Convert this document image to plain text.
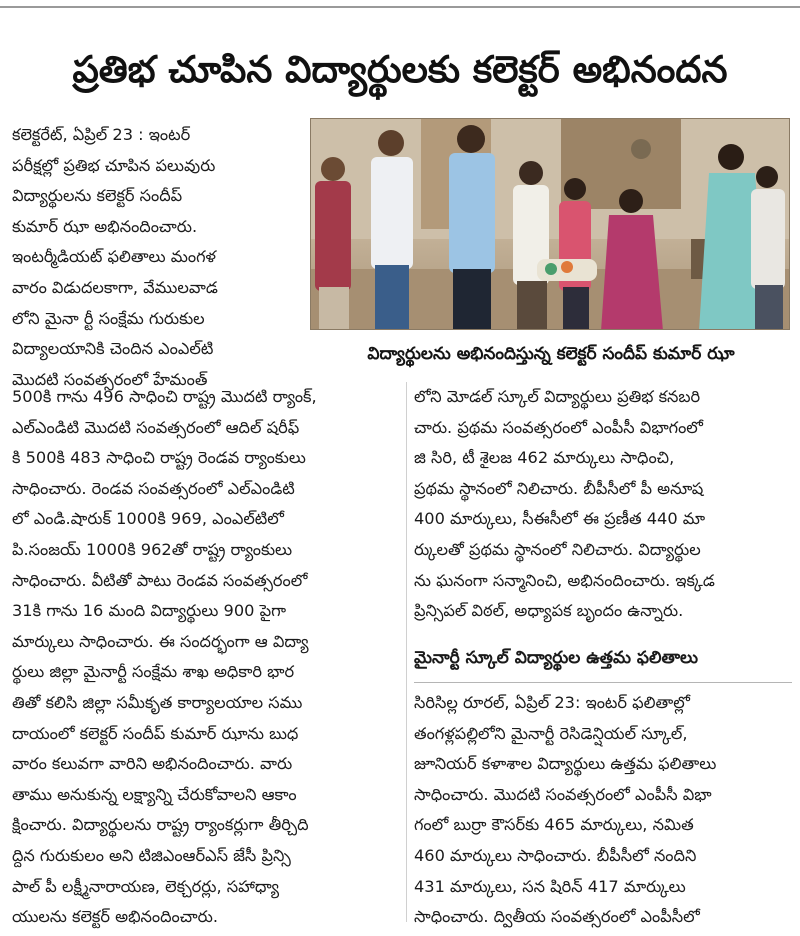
ప్రతిభ చూపిన విద్యార్థులకు కలెక్టర్ అభినందన

కలెక్టరేట్, ఏప్రిల్ 23 : ఇంటర్

పరీక్షల్లో ప్రతిభ చూపిన పలువురు

విద్యార్థులను కలెక్టర్ సందీప్

కుమార్ ఝా అభినందించారు.

ఇంటర్మీడియట్ ఫలితాలు మంగళ

వారం విడుదలకాగా, వేములవాడ

లోని మైనా ర్టీ సంక్షేమ గురుకుల

విద్యాలయానికి చెందిన ఎంఎల్‌టి

మొదటి సంవత్సరంలో హేమంత్

విద్యార్థులను అభినందిస్తున్న కలెక్టర్ సందీప్ కుమార్ ఝా

500కి గాను 496 సాధించి రాష్ట్ర మొదటి ర్యాంక్,

ఎల్ఎండిటి మొదటి సంవత్సరంలో ఆదిల్ షరీఫ్

కి 500కి 483 సాధించి రాష్ట్ర రెండవ ర్యాంకులు

సాధించారు. రెండవ సంవత్సరంలో ఎల్ఎండిటి

లో ఎండి.షారుక్ 1000కి 969, ఎంఎల్‌టిలో

పి.సంజయ్ 1000కి 962తో రాష్ట్ర ర్యాంకులు

సాధించారు. వీటితో పాటు రెండవ సంవత్సరంలో

31కి గాను 16 మంది విద్యార్థులు 900 పైగా

మార్కులు సాధించారు. ఈ సందర్భంగా ఆ విద్యా

ర్థులు జిల్లా మైనార్టీ సంక్షేమ శాఖ అధికారి భార

తితో కలిసి జిల్లా సమీకృత కార్యాలయాల సము

దాయంలో కలెక్టర్ సందీప్ కుమార్ ఝాను బుధ

వారం కలువగా వారిని అభినందించారు. వారు

తాము అనుకున్న లక్ష్యాన్ని చేరుకోవాలని ఆకాం

క్షించారు. విద్యార్థులను రాష్ట్ర ర్యాంకర్లుగా తీర్చిది

ద్దిన గురుకులం అని టిజిఎంఆర్ఎస్ జేసీ ప్రిన్సి

పాల్ పీ లక్ష్మీనారాయణ, లెక్చరర్లు, సహాధ్యా

యులను కలెక్టర్ అభినందించారు.

లోని మోడల్ స్కూల్ విద్యార్థులు ప్రతిభ కనబరి

చారు. ప్రథమ సంవత్సరంలో ఎంపీసీ విభాగంలో

జి సిరి, టీ శైలజ 462 మార్కులు సాధించి,

ప్రథమ స్థానంలో నిలిచారు. బీపీసీలో పీ అనూష

400 మార్కులు, సీఈసీలో ఈ ప్రణీత 440 మా

ర్కులతో ప్రథమ స్థానంలో నిలిచారు. విద్యార్థుల

ను ఘనంగా సన్మానించి, అభినందించారు. ఇక్కడ

ప్రిన్సిపల్ విఠల్, అధ్యాపక బృందం ఉన్నారు.

మైనార్టీ స్కూల్ విద్యార్థుల ఉత్తమ ఫలితాలు

సిరిసిల్ల రూరల్, ఏప్రిల్ 23: ఇంటర్ ఫలితాల్లో

తంగళ్లపల్లిలోని మైనార్టీ రెసిడెన్షియల్ స్కూల్,

జూనియర్ కళాశాల విద్యార్థులు ఉత్తమ ఫలితాలు

సాధించారు. మొదటి సంవత్సరంలో ఎంపీసీ విభా

గంలో బుర్రా కౌసర్‌కు 465 మార్కులు, నమిత

460 మార్కులు సాధించారు. బీపీసీలో నందిని

431 మార్కులు, సన షిరిన్ 417 మార్కులు

సాధించారు. ద్వితీయ సంవత్సరంలో ఎంపీసీలో
